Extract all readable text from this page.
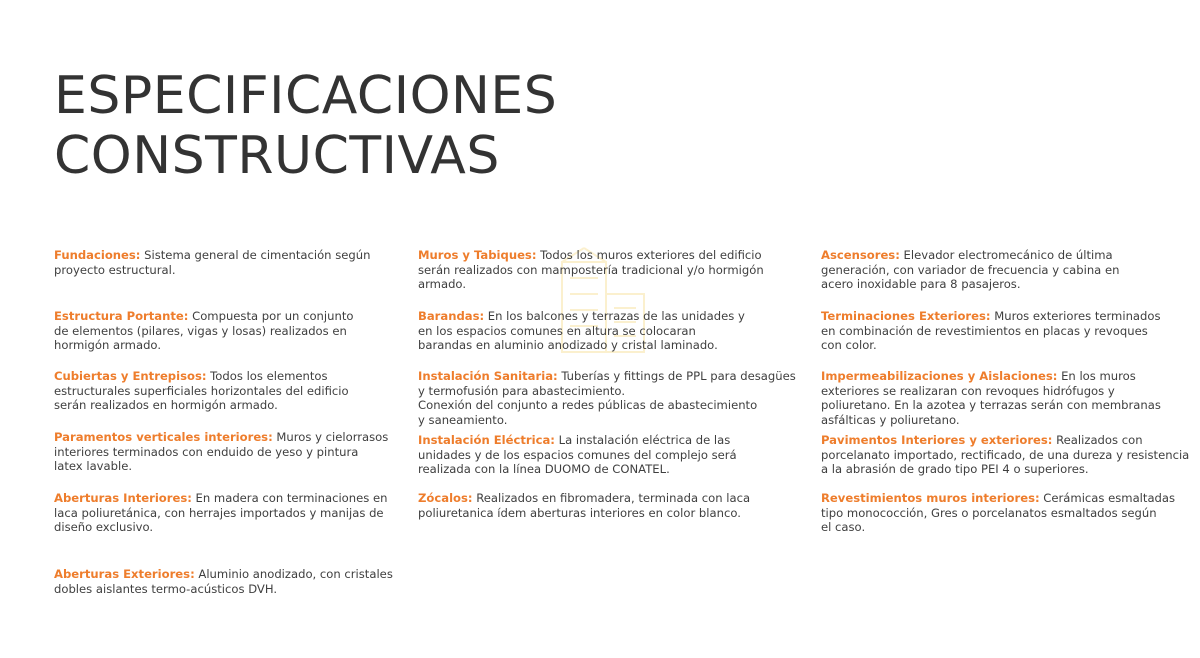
ESPECIFICACIONES
CONSTRUCTIVAS
Fundaciones: Sistema general de cimentación según
proyecto estructural.
Estructura Portante: Compuesta por un conjunto
de elementos (pilares, vigas y losas) realizados en
hormigón armado.
Cubiertas y Entrepisos: Todos los elementos
estructurales superficiales horizontales del edificio
serán realizados en hormigón armado.
Paramentos verticales interiores: Muros y cielorrasos
interiores terminados con enduido de yeso y pintura
latex lavable.
Aberturas Interiores: En madera con terminaciones en
laca poliuretánica, con herrajes importados y manijas de
diseño exclusivo.
Aberturas Exteriores: Aluminio anodizado, con cristales
dobles aislantes termo-acústicos DVH.
Muros y Tabiques: Todos los muros exteriores del edificio
serán realizados con mampostería tradicional y/o hormigón
armado.
Barandas: En los balcones y terrazas de las unidades y
en los espacios comunes en altura se colocaran
barandas en aluminio anodizado y cristal laminado.
Instalación Sanitaria: Tuberías y fittings de PPL para desagües
y termofusión para abastecimiento.
Conexión del conjunto a redes públicas de abastecimiento
y saneamiento.
Instalación Eléctrica: La instalación eléctrica de las
unidades y de los espacios comunes del complejo será
realizada con la línea DUOMO de CONATEL.
Zócalos: Realizados en fibromadera, terminada con laca
poliuretanica ídem aberturas interiores en color blanco.
Ascensores: Elevador electromecánico de última
generación, con variador de frecuencia y cabina en
acero inoxidable para 8 pasajeros.
Terminaciones Exteriores: Muros exteriores terminados
en combinación de revestimientos en placas y revoques
con color.
Impermeabilizaciones y Aislaciones: En los muros
exteriores se realizaran con revoques hidrófugos y
poliuretano. En la azotea y terrazas serán con membranas
asfálticas y poliuretano.
Pavimentos Interiores y exteriores: Realizados con
porcelanato importado, rectificado, de una dureza y resistencia
a la abrasión de grado tipo PEI 4 o superiores.
Revestimientos muros interiores: Cerámicas esmaltadas
tipo monococción, Gres o porcelanatos esmaltados según
el caso.
